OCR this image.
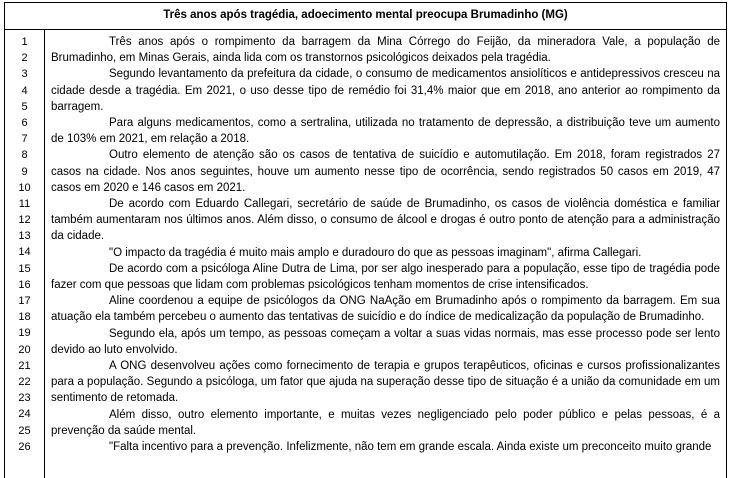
Três anos após tragédia, adoecimento mental preocupa Brumadinho (MG)
1
2
3
4
5
6
7
8
9
10
11
12
13
14
15
16
17
18
19
20
21
22
23
24
25
26

Três anos após o rompimento da barragem da Mina Córrego do Feijão, da mineradora Vale, a população de Brumadinho, em Minas Gerais, ainda lida com os transtornos psicológicos deixados pela tragédia.

Segundo levantamento da prefeitura da cidade, o consumo de medicamentos ansiolíticos e antidepressivos cresceu na cidade desde a tragédia. Em 2021, o uso desse tipo de remédio foi 31,4% maior que em 2018, ano anterior ao rompimento da barragem.

Para alguns medicamentos, como a sertralina, utilizada no tratamento de depressão, a distribuição teve um aumento de 103% em 2021, em relação a 2018.

Outro elemento de atenção são os casos de tentativa de suicídio e automutilação. Em 2018, foram registrados 27 casos na cidade. Nos anos seguintes, houve um aumento nesse tipo de ocorrência, sendo registrados 50 casos em 2019, 47 casos em 2020 e 146 casos em 2021.

De acordo com Eduardo Callegari, secretário de saúde de Brumadinho, os casos de violência doméstica e familiar também aumentaram nos últimos anos. Além disso, o consumo de álcool e drogas é outro ponto de atenção para a administração da cidade.

"O impacto da tragédia é muito mais amplo e duradouro do que as pessoas imaginam", afirma Callegari.

De acordo com a psicóloga Aline Dutra de Lima, por ser algo inesperado para a população, esse tipo de tragédia pode fazer com que pessoas que lidam com problemas psicológicos tenham momentos de crise intensificados.

Aline coordenou a equipe de psicólogos da ONG NaAção em Brumadinho após o rompimento da barragem. Em sua atuação ela também percebeu o aumento das tentativas de suicídio e do índice de medicalização da população de Brumadinho.

Segundo ela, após um tempo, as pessoas começam a voltar a suas vidas normais, mas esse processo pode ser lento devido ao luto envolvido.

A ONG desenvolveu ações como fornecimento de terapia e grupos terapêuticos, oficinas e cursos profissionalizantes para a população. Segundo a psicóloga, um fator que ajuda na superação desse tipo de situação é a união da comunidade em um sentimento de retomada.

Além disso, outro elemento importante, e muitas vezes negligenciado pelo poder público e pelas pessoas, é a prevenção da saúde mental.

"Falta incentivo para a prevenção. Infelizmente, não tem em grande escala. Ainda existe um preconceito muito grande
